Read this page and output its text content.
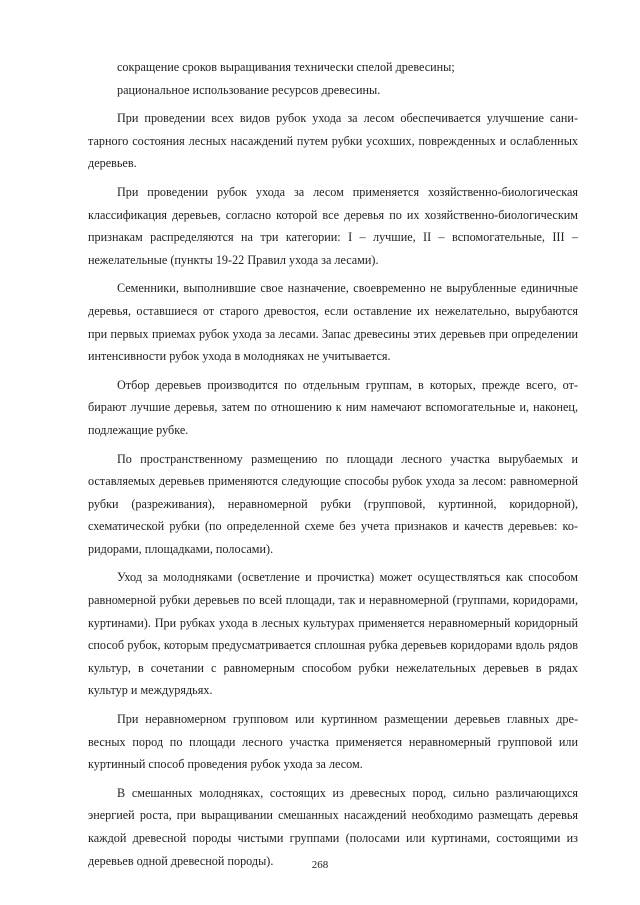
сокращение сроков выращивания технически спелой древесины;

рациональное использование ресурсов древесины.

При проведении всех видов рубок ухода за лесом обеспечивается улучшение санитарного состояния лесных насаждений путем рубки усохших, поврежденных и ослабленных деревьев.

При проведении рубок ухода за лесом применяется хозяйственно-биологическая классификация деревьев, согласно которой все деревья по их хозяйственно-биологическим признакам распределяются на три категории: I – лучшие, II – вспомогательные, III – нежелательные (пункты 19-22 Правил ухода за лесами).

Семенники, выполнившие свое назначение, своевременно не вырубленные единичные деревья, оставшиеся от старого древостоя, если оставление их нежелательно, вырубаются при первых приемах рубок ухода за лесами. Запас древесины этих деревьев при определении интенсивности рубок ухода в молодняках не учитывается.

Отбор деревьев производится по отдельным группам, в которых, прежде всего, отбирают лучшие деревья, затем по отношению к ним намечают вспомогательные и, наконец, подлежащие рубке.

По пространственному размещению по площади лесного участка вырубаемых и оставляемых деревьев применяются следующие способы рубок ухода за лесом: равномерной рубки (разреживания), неравномерной рубки (групповой, куртинной, коридорной), схематической рубки (по определенной схеме без учета признаков и качеств деревьев: коридорами, площадками, полосами).

Уход за молодняками (осветление и прочистка) может осуществляться как способом равномерной рубки деревьев по всей площади, так и неравномерной (группами, коридорами, куртинами). При рубках ухода в лесных культурах применяется неравномерный коридорный способ рубок, которым предусматривается сплошная рубка деревьев коридорами вдоль рядов культур, в сочетании с равномерным способом рубки нежелательных деревьев в рядах культур и междурядьях.

При неравномерном групповом или куртинном размещении деревьев главных древесных пород по площади лесного участка применяется неравномерный групповой или куртинный способ проведения рубок ухода за лесом.

В смешанных молодняках, состоящих из древесных пород, сильно различающихся энергией роста, при выращивании смешанных насаждений необходимо размещать деревья каждой древесной породы чистыми группами (полосами или куртинами, состоящими из деревьев одной древесной породы).	268
